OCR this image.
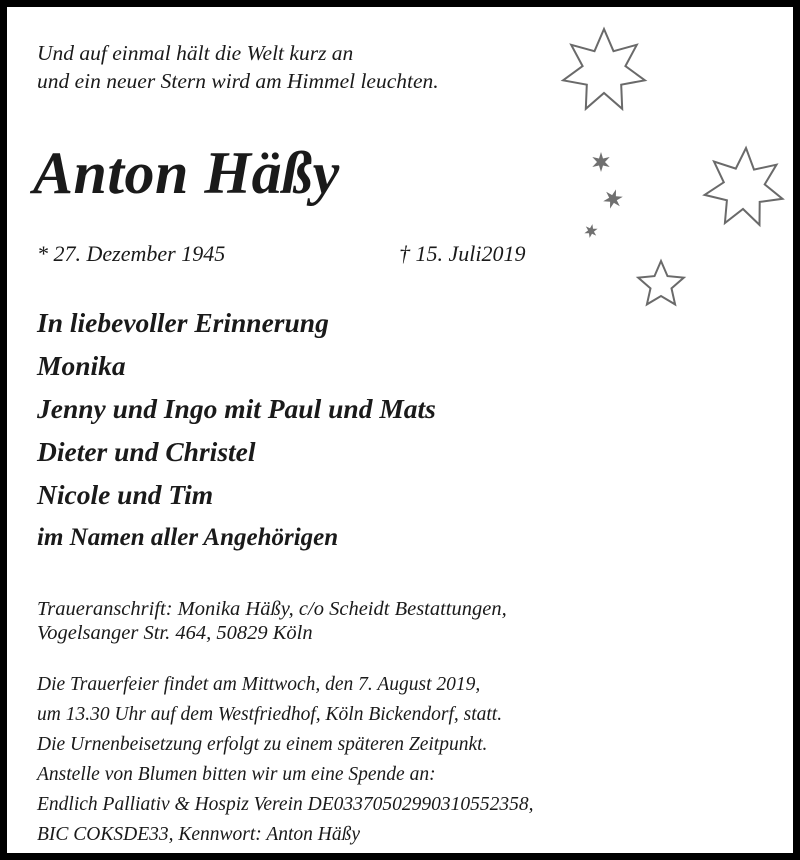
Und auf einmal hält die Welt kurz an
und ein neuer Stern wird am Himmel leuchten.
Anton Häßy
* 27. Dezember 1945	† 15. Juli2019
In liebevoller Erinnerung
Monika
Jenny und Ingo mit Paul und Mats
Dieter und Christel
Nicole und Tim
im Namen aller Angehörigen
Traueranschrift: Monika Häßy, c/o Scheidt Bestattungen,
Vogelsanger Str. 464, 50829 Köln
Die Trauerfeier findet am Mittwoch, den 7. August 2019,
um 13.30 Uhr auf dem Westfriedhof, Köln Bickendorf, statt.
Die Urnenbeisetzung erfolgt zu einem späteren Zeitpunkt.
Anstelle von Blumen bitten wir um eine Spende an:
Endlich Palliativ & Hospiz Verein DE03370502990310552358,
BIC COKSDE33, Kennwort: Anton Häßy
